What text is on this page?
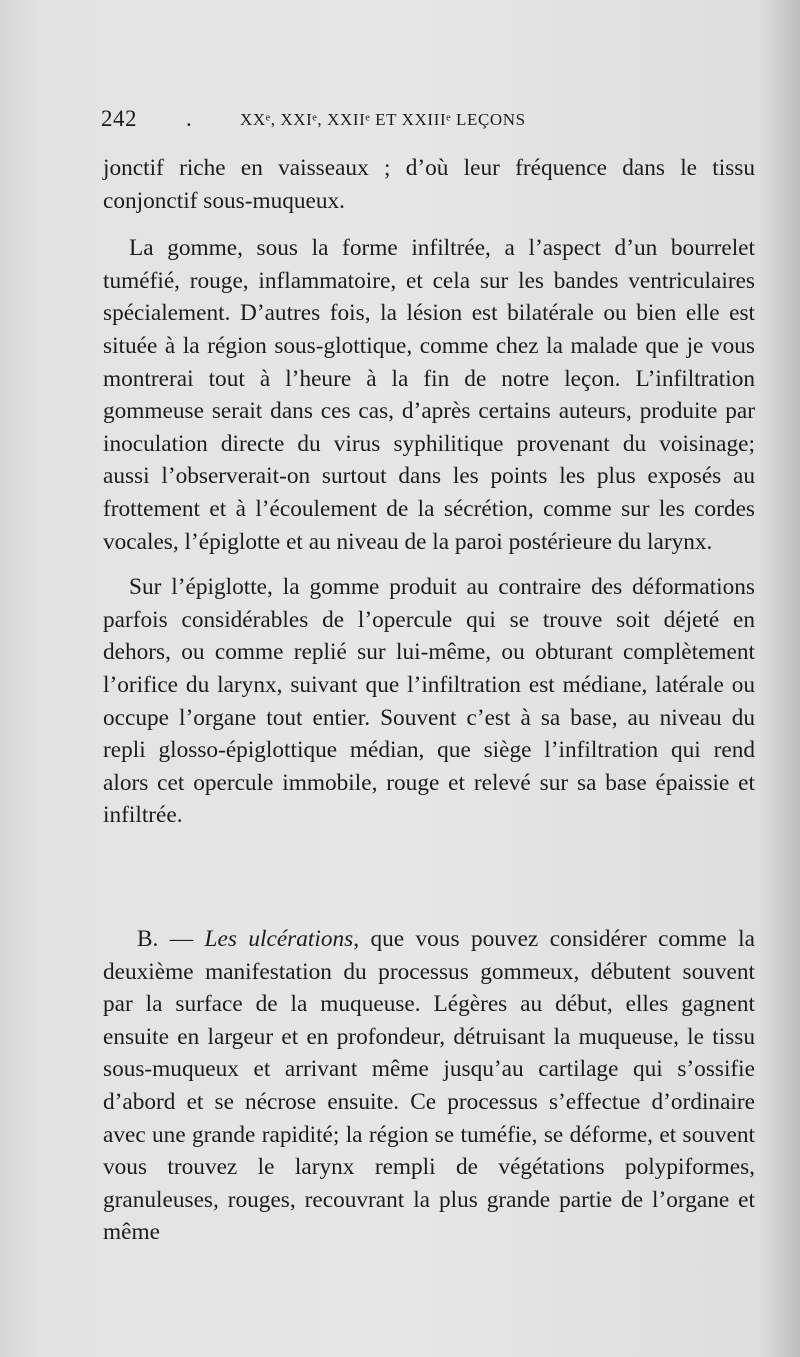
242 .	XXᵉ, XXIᵉ, XXIIᵉ ET XXIIIᵉ LEÇONS

jonctif riche en vaisseaux ; d’où leur fréquence dans le tissu conjonctif sous-muqueux.

La gomme, sous la forme infiltrée, a l’aspect d’un bourrelet tuméfié, rouge, inflammatoire, et cela sur les bandes ventriculaires spécialement. D’autres fois, la lésion est bilatérale ou bien elle est située à la région sous-glottique, comme chez la malade que je vous montrerai tout à l’heure à la fin de notre leçon. L’infiltration gommeuse serait dans ces cas, d’après certains auteurs, produite par inoculation directe du virus syphilitique provenant du voisinage; aussi l’observerait-on surtout dans les points les plus exposés au frottement et à l’écoulement de la sécrétion, comme sur les cordes vocales, l’épiglotte et au niveau de la paroi postérieure du larynx.

Sur l’épiglotte, la gomme produit au contraire des déformations parfois considérables de l’opercule qui se trouve soit déjeté en dehors, ou comme replié sur lui-même, ou obturant complètement l’orifice du larynx, suivant que l’infiltration est médiane, latérale ou occupe l’organe tout entier. Souvent c’est à sa base, au niveau du repli glosso-épiglottique médian, que siège l’infiltration qui rend alors cet opercule immobile, rouge et relevé sur sa base épaissie et infiltrée.

B. — Les ulcérations, que vous pouvez considérer comme la deuxième manifestation du processus gommeux, débutent souvent par la surface de la muqueuse. Légères au début, elles gagnent ensuite en largeur et en profondeur, détruisant la muqueuse, le tissu sous-muqueux et arrivant même jusqu’au cartilage qui s’ossifie d’abord et se nécrose ensuite. Ce processus s’effectue d’ordinaire avec une grande rapidité; la région se tuméfie, se déforme, et souvent vous trouvez le larynx rempli de végétations polypiformes, granuleuses, rouges, recouvrant la plus grande partie de l’organe et même
